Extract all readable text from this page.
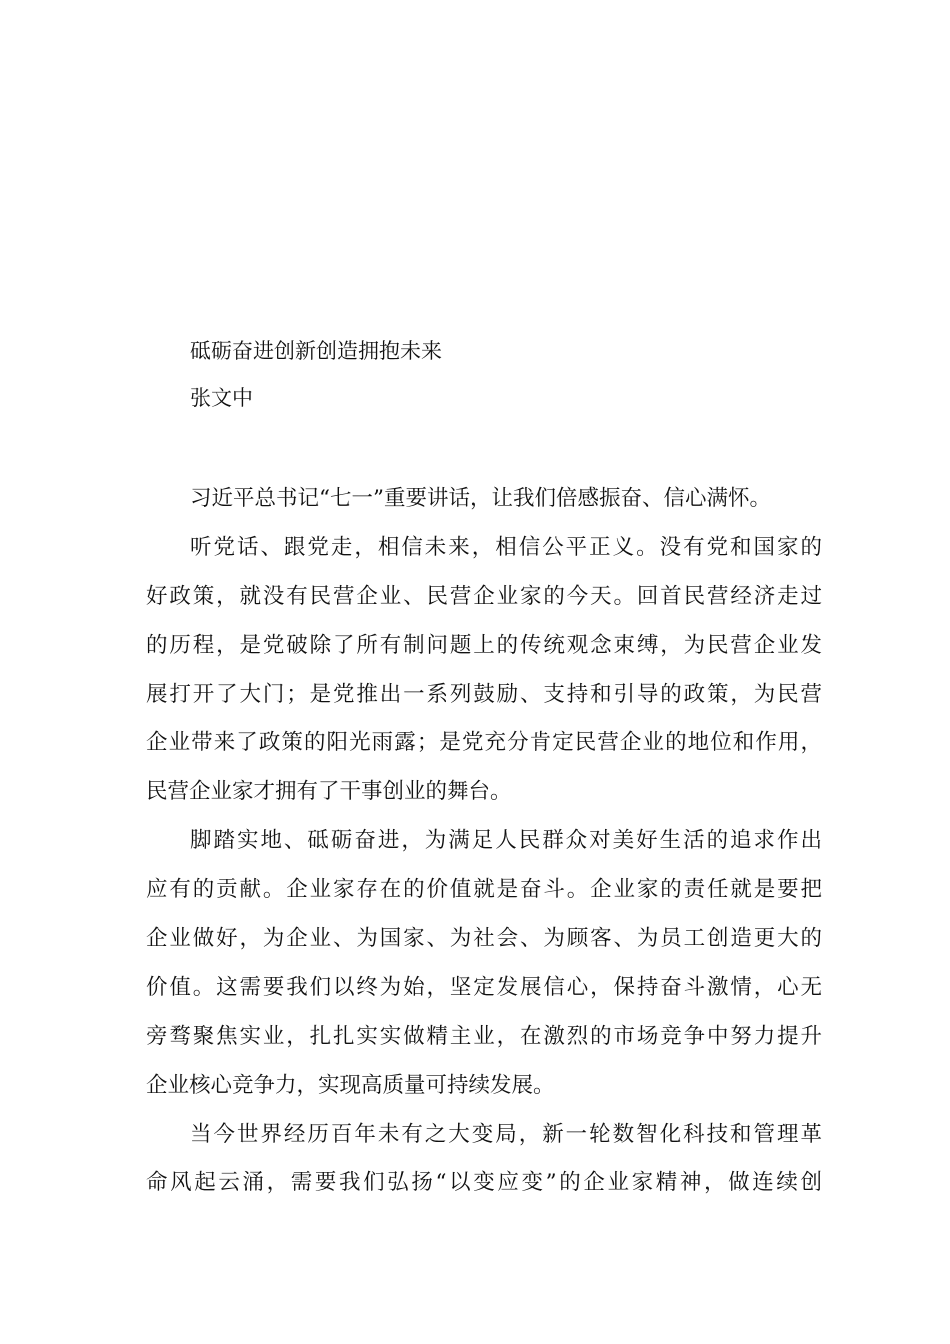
砥砺奋进创新创造拥抱未来
张文中
习近平总书记“七一”重要讲话，让我们倍感振奋、信心满怀。
听党话、跟党走，相信未来，相信公平正义。没有党和国家的
好政策，就没有民营企业、民营企业家的今天。回首民营经济走过
的历程，是党破除了所有制问题上的传统观念束缚，为民营企业发
展打开了大门；是党推出一系列鼓励、支持和引导的政策，为民营
企业带来了政策的阳光雨露；是党充分肯定民营企业的地位和作用，
民营企业家才拥有了干事创业的舞台。
脚踏实地、砥砺奋进，为满足人民群众对美好生活的追求作出
应有的贡献。企业家存在的价值就是奋斗。企业家的责任就是要把
企业做好，为企业、为国家、为社会、为顾客、为员工创造更大的
价值。这需要我们以终为始，坚定发展信心，保持奋斗激情，心无
旁骛聚焦实业，扎扎实实做精主业，在激烈的市场竞争中努力提升
企业核心竞争力，实现高质量可持续发展。
当今世界经历百年未有之大变局，新一轮数智化科技和管理革
命风起云涌，需要我们弘扬“以变应变”的企业家精神，做连续创
